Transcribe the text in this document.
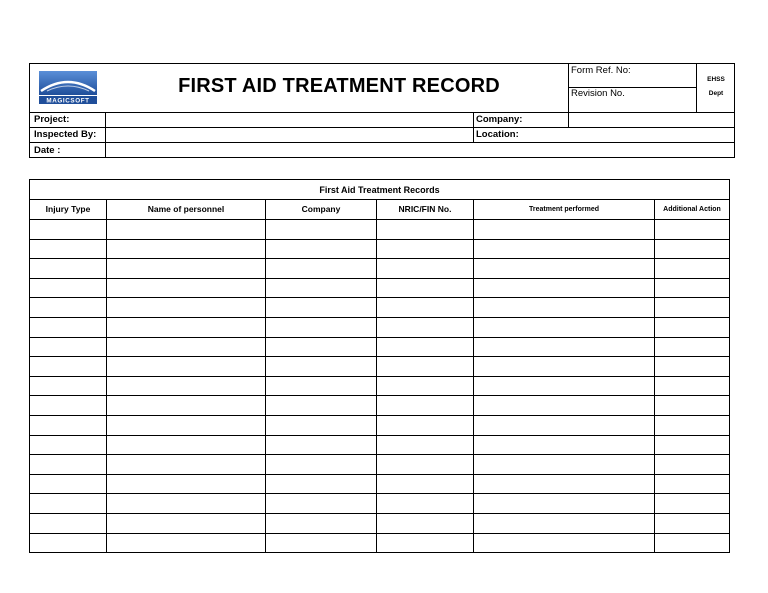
MAGICSOFT
FIRST AID TREATMENT RECORD
Form Ref. No:
Revision No.
EHSS
Dept
Project:	Company:
Inspected By:	Location:
Date :
First Aid Treatment Records
Injury Type	Name of personnel	Company	NRIC/FIN No.	Treatment performed	Additional Action
